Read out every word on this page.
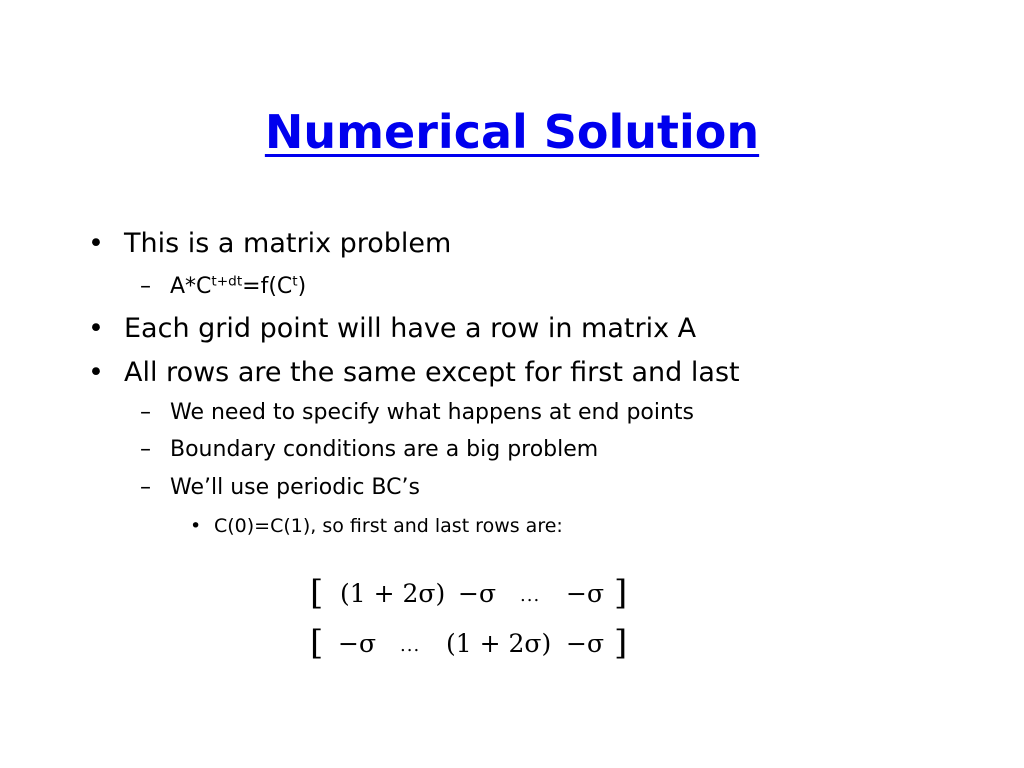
Numerical Solution
• This is a matrix problem
– $A*C^{t+dt}=f(C^t)$
• Each grid point will have a row in matrix A
• All rows are the same except for first and last
– We need to specify what happens at end points
– Boundary conditions are a big problem
– We’ll use periodic BC’s
• C(0)=C(1), so first and last rows are:
[ (1 + 2σ) −σ ... −σ ]
[ −σ ... (1 + 2σ) −σ ]
